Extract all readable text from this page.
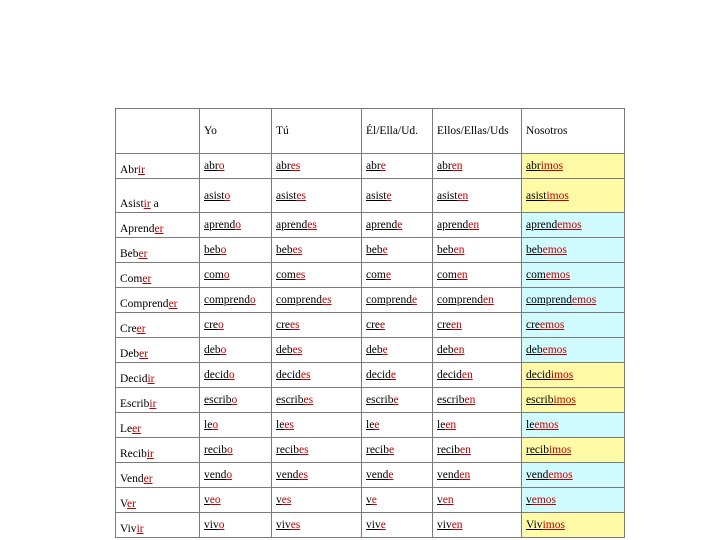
	Yo	Tú	Él/Ella/Ud.	Ellos/Ellas/Uds	Nosotros
Abrir	abro	abres	abre	abren	abrimos
Asistir a	asisto	asistes	asiste	asisten	asistimos
Aprender	aprendo	aprendes	aprende	aprenden	aprendemos
Beber	bebo	bebes	bebe	beben	bebemos
Comer	como	comes	come	comen	comemos
Comprender	comprendo	comprendes	comprende	comprenden	comprendemos
Creer	creo	crees	cree	creen	creemos
Deber	debo	debes	debe	deben	debemos
Decidir	decido	decides	decide	deciden	decidimos
Escribir	escribo	escribes	escribe	escriben	escribimos
Leer	leo	lees	lee	leen	leemos
Recibir	recibo	recibes	recibe	reciben	recibimos
Vender	vendo	vendes	vende	venden	vendemos
Ver	veo	ves	ve	ven	vemos
Vivir	vivo	vives	vive	viven	Vivimos
